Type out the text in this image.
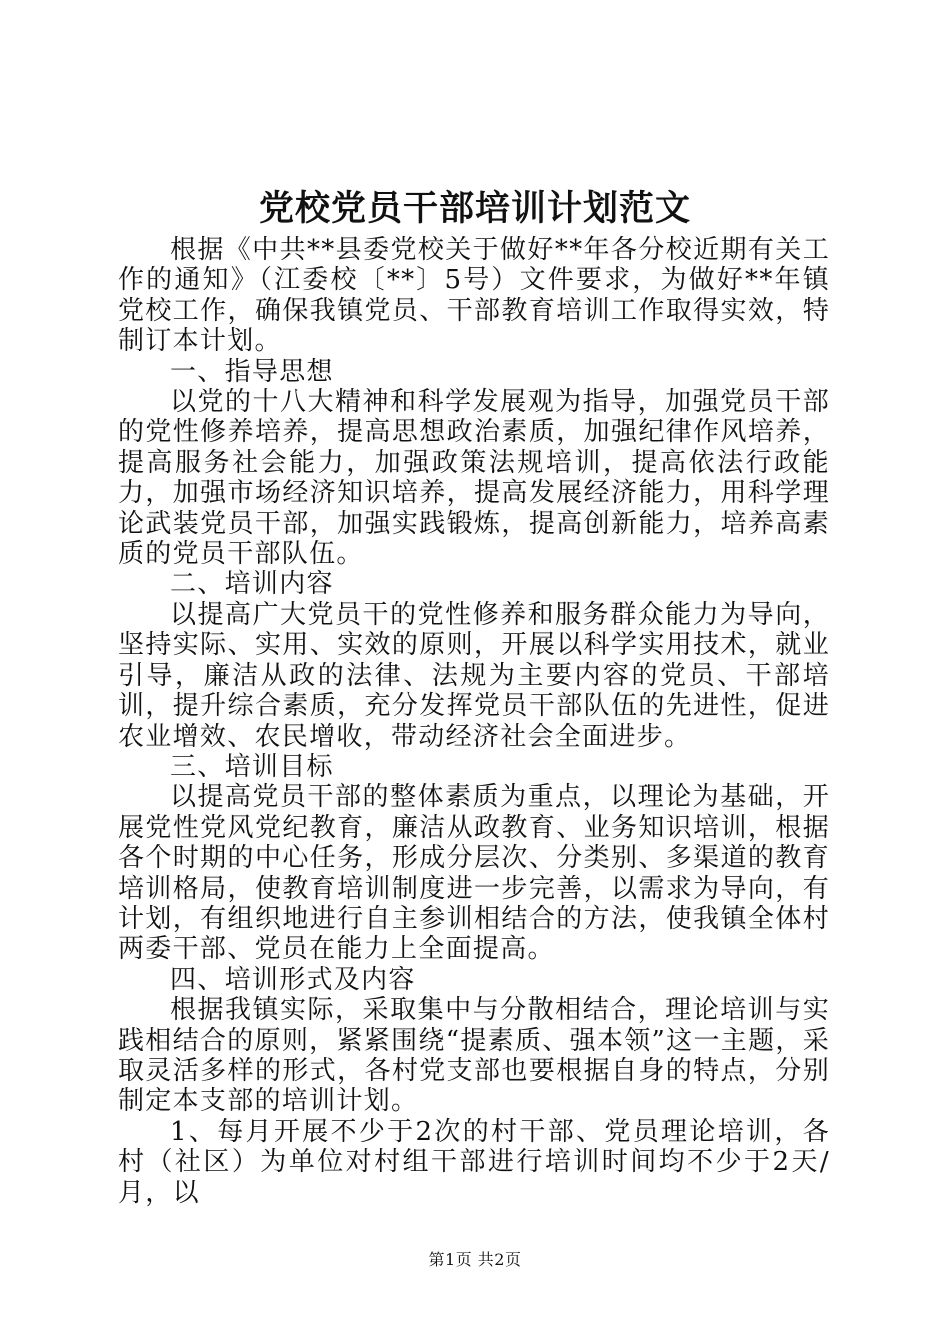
党校党员干部培训计划范文

根据《中共**县委党校关于做好**年各分校近期有关工作的通知》（江委校〔**〕5号）文件要求，为做好**年镇党校工作，确保我镇党员、干部教育培训工作取得实效，特制订本计划。

一、指导思想

以党的十八大精神和科学发展观为指导，加强党员干部的党性修养培养，提高思想政治素质，加强纪律作风培养，提高服务社会能力，加强政策法规培训，提高依法行政能力，加强市场经济知识培养，提高发展经济能力，用科学理论武装党员干部，加强实践锻炼，提高创新能力，培养高素质的党员干部队伍。

二、培训内容

以提高广大党员干的党性修养和服务群众能力为导向，坚持实际、实用、实效的原则，开展以科学实用技术，就业引导，廉洁从政的法律、法规为主要内容的党员、干部培训，提升综合素质，充分发挥党员干部队伍的先进性，促进农业增效、农民增收，带动经济社会全面进步。

三、培训目标

以提高党员干部的整体素质为重点，以理论为基础，开展党性党风党纪教育，廉洁从政教育、业务知识培训，根据各个时期的中心任务，形成分层次、分类别、多渠道的教育培训格局，使教育培训制度进一步完善，以需求为导向，有计划，有组织地进行自主参训相结合的方法，使我镇全体村两委干部、党员在能力上全面提高。

四、培训形式及内容

根据我镇实际，采取集中与分散相结合，理论培训与实践相结合的原则，紧紧围绕“提素质、强本领”这一主题，采取灵活多样的形式，各村党支部也要根据自身的特点，分别制定本支部的培训计划。

1、每月开展不少于2次的村干部、党员理论培训，各村（社区）为单位对村组干部进行培训时间均不少于2天/月，以

第1页 共2页
